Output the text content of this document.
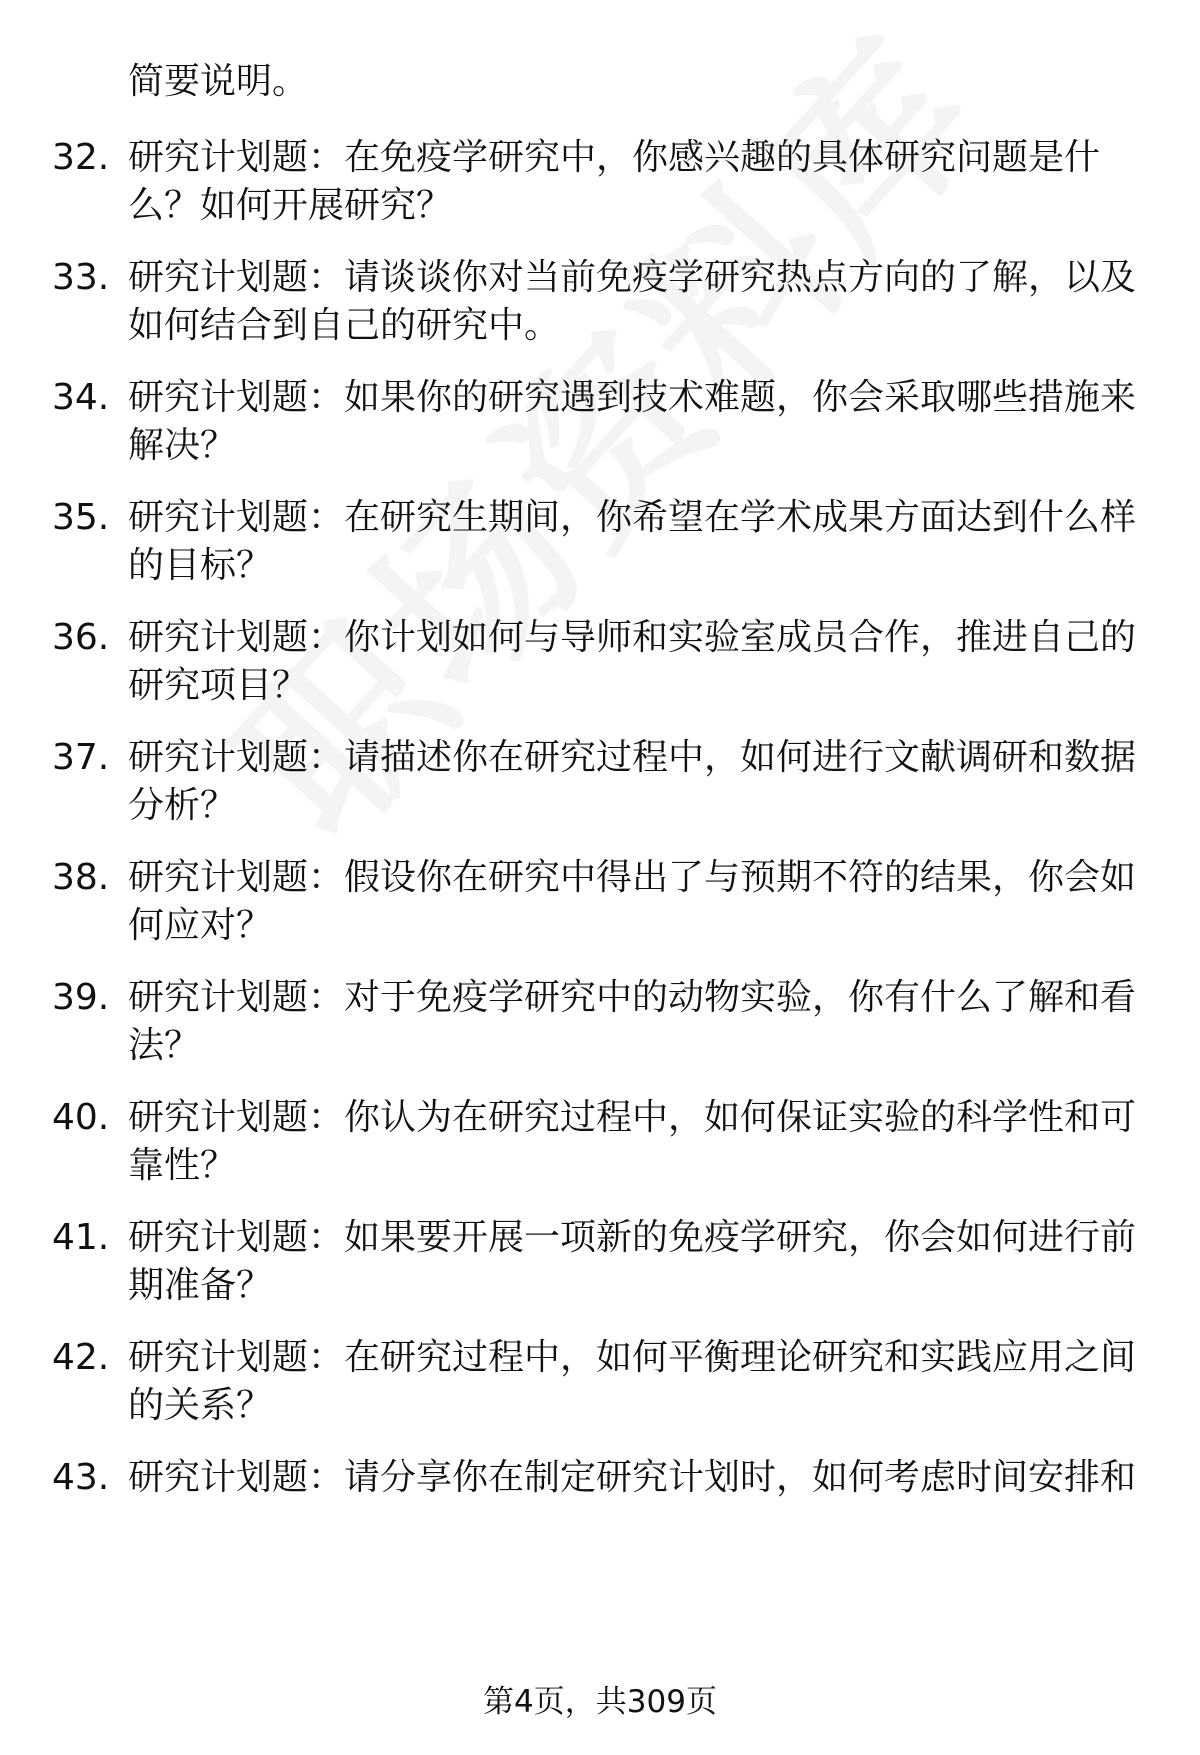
简要说明。
32. 研究计划题：在免疫学研究中，你感兴趣的具体研究问题是什么？如何开展研究？
33. 研究计划题：请谈谈你对当前免疫学研究热点方向的了解，以及如何结合到自己的研究中。
34. 研究计划题：如果你的研究遇到技术难题，你会采取哪些措施来解决？
35. 研究计划题：在研究生期间，你希望在学术成果方面达到什么样的目标？
36. 研究计划题：你计划如何与导师和实验室成员合作，推进自己的研究项目？
37. 研究计划题：请描述你在研究过程中，如何进行文献调研和数据分析？
38. 研究计划题：假设你在研究中得出了与预期不符的结果，你会如何应对？
39. 研究计划题：对于免疫学研究中的动物实验，你有什么了解和看法？
40. 研究计划题：你认为在研究过程中，如何保证实验的科学性和可靠性？
41. 研究计划题：如果要开展一项新的免疫学研究，你会如何进行前期准备？
42. 研究计划题：在研究过程中，如何平衡理论研究和实践应用之间的关系？
43. 研究计划题：请分享你在制定研究计划时，如何考虑时间安排和
第4页，共309页
